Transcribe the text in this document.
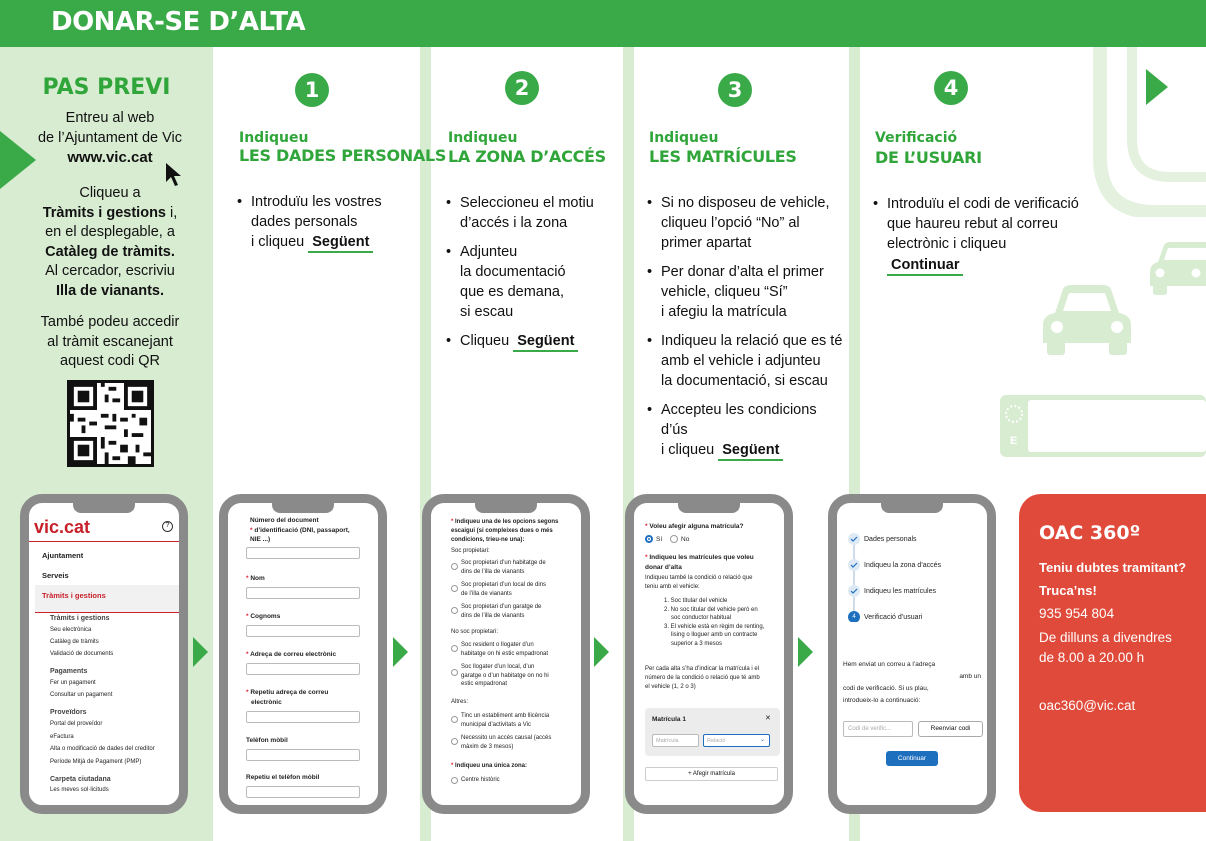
DONAR-SE D’ALTA
PAS PREVI
Entreu al web
de l’Ajuntament de Vic
www.vic.cat
Cliqueu a
Tràmits i gestions i,
en el desplegable, a
Catàleg de tràmits.
Al cercador, escriviu
Illa de vianants.
També podeu accedir
al tràmit escanejant
aquest codi QR
1
Indiqueu
LES DADES PERSONALS
2
Indiqueu
LA ZONA D’ACCÉS
3
Indiqueu
LES MATRÍCULES
4
Verificació
DE L’USUARI
• Introduïu les vostres
dades personals
i cliqueu Següent
• Seleccioneu el motiu
d’accés i la zona
• Adjunteu
la documentació
que es demana,
si escau
• Cliqueu Següent
• Si no disposeu de vehicle,
cliqueu l’opció “No” al
primer apartat
• Per donar d’alta el primer
vehicle, cliqueu “Sí”
i afegiu la matrícula
• Indiqueu la relació que es té
amb el vehicle i adjunteu
la documentació, si escau
• Accepteu les condicions d’ús
i cliqueu Següent
• Introduïu el codi de verificació
que haureu rebut al correu
electrònic i cliqueu
Continuar
E
vic.cat	?
Ajuntament
Serveis
Tràmits i gestions
Tràmits i gestions
Seu electrònica
Catàleg de tràmits
Validació de documents
Pagaments
Fer un pagament
Consultar un pagament
Proveïdors
Portal del proveïdor
eFactura
Alta o modificació de dades del creditor
Període Mitjà de Pagament (PMP)
Carpeta ciutadana
Les meves sol·licituds
Número del document
* d’identificació (DNI, passaport,
NIE ...)
* Nom
* Cognoms
* Adreça de correu electrònic
* Repetiu adreça de correu
electrònic
Telèfon mòbil
Repetiu el telèfon mòbil
* Indiqueu una de les opcions segons
escaigui (si compleixes dues o més
condicions, trieu-ne una):
Soc propietari:
Soc propietari d’un habitatge de
dins de l’illa de vianants
Soc propietari d’un local de dins
de l’illa de vianants
Soc propietari d’un garatge de
dins de l’illa de vianants
No soc propietari:
Soc resident o llogater d’un
habitatge on hi estic empadronat
Soc llogater d’un local, d’un
garatge o d’un habitatge on no hi
estic empadronat
Altres:
Tinc un establiment amb llicència
municipal d’activitats a Vic
Necessito un accés causal (accés
màxim de 3 mesos)
* Indiqueu una única zona:
Centre històric
* Voleu afegir alguna matrícula?
Sí	No
* Indiqueu les matrícules que voleu
donar d’alta
Indiqueu també la condició o relació que
teniu amb el vehicle:
1. Soc titular del vehicle
2. No soc titular del vehicle però en
soc conductor habitual
3. El vehicle està en règim de renting,
lising o lloguer amb un contracte
superior a 3 mesos
Per cada alta s’ha d’indicar la matrícula i el
número de la condició o relació que té amb
el vehicle (1, 2 o 3)
Matrícula 1	✕
Matrícula	Relació	⌄
+ Afegir matrícula
4
Dades personals
Indiqueu la zona d’accés
Indiqueu les matrícules
Verificació d’usuari
Hem enviat un correu a l’adreça
amb un
codi de verificació. Si us plau,
introdueix-lo a continuació:
Codi de verific...	Reenviar codi
Continuar
OAC 360º
Teniu dubtes tramitant?
Truca’ns!
935 954 804
De dilluns a divendres
de 8.00 a 20.00 h
oac360@vic.cat
